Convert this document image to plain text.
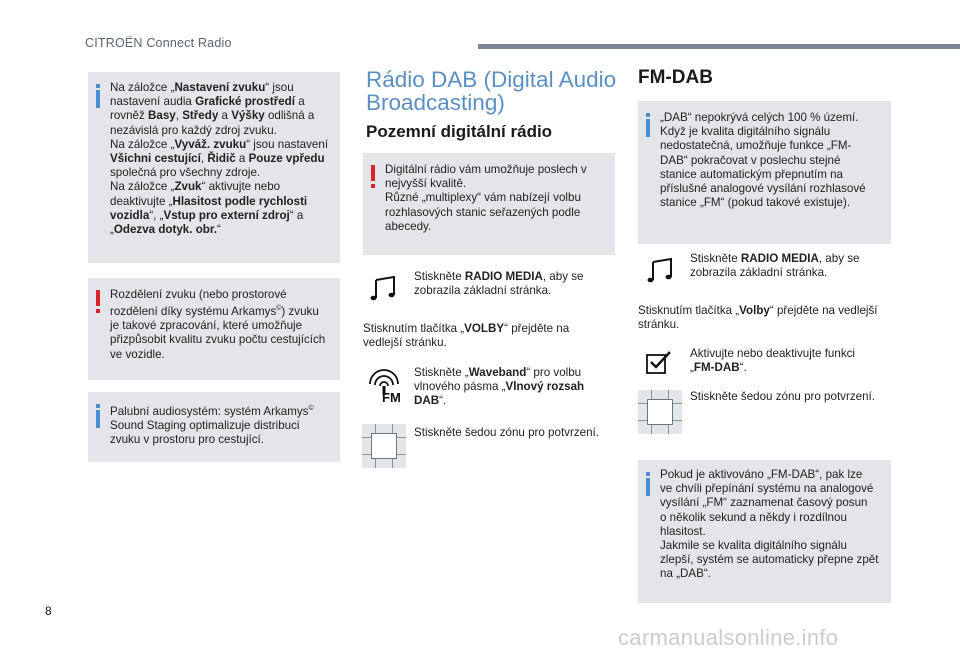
CITROËN Connect Radio

Na záložce „Nastavení zvuku“ jsou

nastavení audia Grafické prostředí a

rovněž Basy, Středy a Výšky odlišná a

nezávislá pro každý zdroj zvuku.

Na záložce „Vyváž. zvuku“ jsou nastavení

Všichni cestující, Řidič a Pouze vpředu

společná pro všechny zdroje.

Na záložce „Zvuk“ aktivujte nebo

deaktivujte „Hlasitost podle rychlosti

vozidla“, „Vstup pro externí zdroj“ a

„Odezva dotyk. obr.“

Rozdělení zvuku (nebo prostorové

rozdělení díky systému Arkamys©) zvuku

je takové zpracování, které umožňuje

přizpůsobit kvalitu zvuku počtu cestujících

ve vozidle.

Palubní audiosystém: systém Arkamys©

Sound Staging optimalizuje distribuci

zvuku v prostoru pro cestující.

Rádio DAB (Digital Audio
Broadcasting)
Pozemní digitální rádio

Digitální rádio vám umožňuje poslech v

nejvyšší kvalitě.

Různé „multiplexy“ vám nabízejí volbu

rozhlasových stanic seřazených podle

abecedy.

Stiskněte RADIO MEDIA, aby se
zobrazila základní stránka.
Stisknutím tlačítka „VOLBY“ přejděte na
vedlejší stránku.
FM
Stiskněte „Waveband“ pro volbu
vlnového pásma „Vlnový rozsah
DAB“.
Stiskněte šedou zónu pro potvrzení.
FM-DAB

„DAB“ nepokrývá celých 100 % území.

Když je kvalita digitálního signálu

nedostatečná, umožňuje funkce „FM-

DAB“ pokračovat v poslechu stejné

stanice automatickým přepnutím na

příslušné analogové vysílání rozhlasové

stanice „FM“ (pokud takové existuje).

Stiskněte RADIO MEDIA, aby se
zobrazila základní stránka.
Stisknutím tlačítka „Volby“ přejděte na vedlejší
stránku.
Aktivujte nebo deaktivujte funkci
„FM-DAB“.
Stiskněte šedou zónu pro potvrzení.

Pokud je aktivováno „FM-DAB“, pak lze

ve chvíli přepínání systému na analogové

vysílání „FM“ zaznamenat časový posun

o několik sekund a někdy i rozdílnou

hlasitost.

Jakmile se kvalita digitálního signálu

zlepší, systém se automaticky přepne zpět

na „DAB“.

8
carmanualsonline.info
